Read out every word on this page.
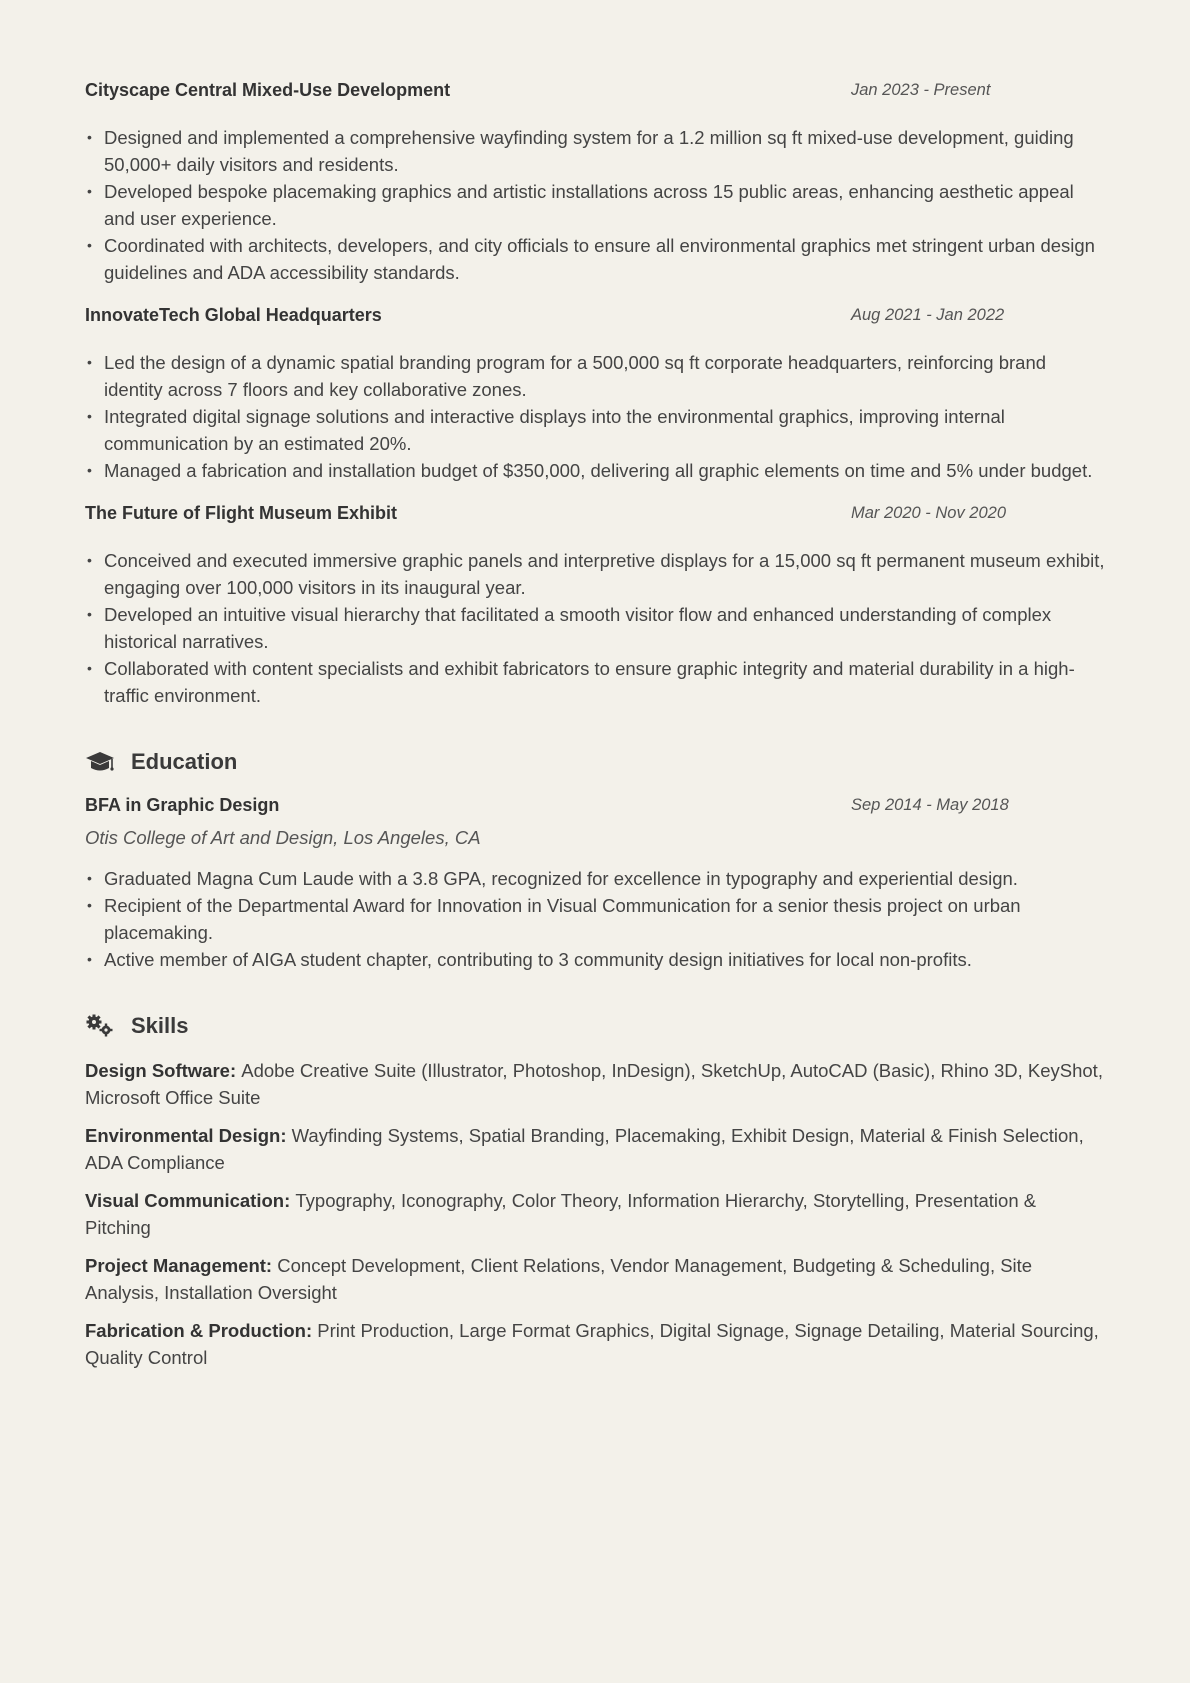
Cityscape Central Mixed-Use Development	Jan 2023 - Present
• Designed and implemented a comprehensive wayfinding system for a 1.2 million sq ft mixed-use development, guiding 50,000+ daily visitors and residents.
• Developed bespoke placemaking graphics and artistic installations across 15 public areas, enhancing aesthetic appeal and user experience.
• Coordinated with architects, developers, and city officials to ensure all environmental graphics met stringent urban design guidelines and ADA accessibility standards.
InnovateTech Global Headquarters	Aug 2021 - Jan 2022
• Led the design of a dynamic spatial branding program for a 500,000 sq ft corporate headquarters, reinforcing brand identity across 7 floors and key collaborative zones.
• Integrated digital signage solutions and interactive displays into the environmental graphics, improving internal communication by an estimated 20%.
• Managed a fabrication and installation budget of $350,000, delivering all graphic elements on time and 5% under budget.
The Future of Flight Museum Exhibit	Mar 2020 - Nov 2020
• Conceived and executed immersive graphic panels and interpretive displays for a 15,000 sq ft permanent museum exhibit, engaging over 100,000 visitors in its inaugural year.
• Developed an intuitive visual hierarchy that facilitated a smooth visitor flow and enhanced understanding of complex historical narratives.
• Collaborated with content specialists and exhibit fabricators to ensure graphic integrity and material durability in a high-traffic environment.
Education
BFA in Graphic Design	Sep 2014 - May 2018
Otis College of Art and Design, Los Angeles, CA
• Graduated Magna Cum Laude with a 3.8 GPA, recognized for excellence in typography and experiential design.
• Recipient of the Departmental Award for Innovation in Visual Communication for a senior thesis project on urban placemaking.
• Active member of AIGA student chapter, contributing to 3 community design initiatives for local non-profits.
Skills
Design Software: Adobe Creative Suite (Illustrator, Photoshop, InDesign), SketchUp, AutoCAD (Basic), Rhino 3D, KeyShot, Microsoft Office Suite
Environmental Design: Wayfinding Systems, Spatial Branding, Placemaking, Exhibit Design, Material & Finish Selection, ADA Compliance
Visual Communication: Typography, Iconography, Color Theory, Information Hierarchy, Storytelling, Presentation & Pitching
Project Management: Concept Development, Client Relations, Vendor Management, Budgeting & Scheduling, Site Analysis, Installation Oversight
Fabrication & Production: Print Production, Large Format Graphics, Digital Signage, Signage Detailing, Material Sourcing, Quality Control
